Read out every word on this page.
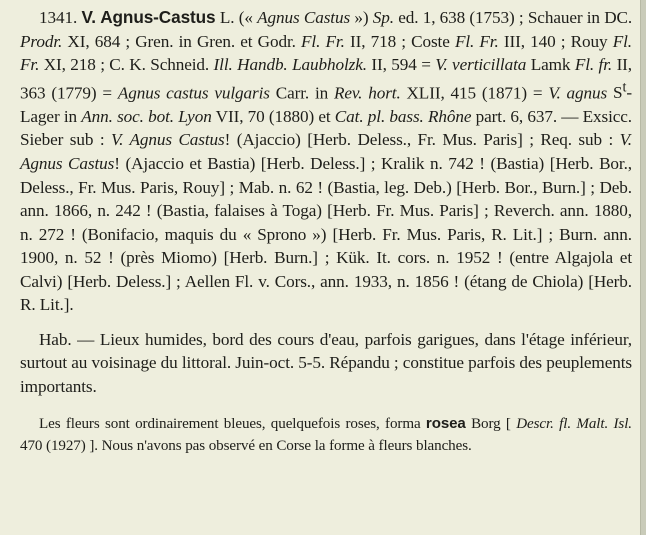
1341. V. Agnus-Castus L. (« Agnus Castus ») Sp. ed. 1, 638 (1753) ; Schauer in DC. Prodr. XI, 684 ; Gren. in Gren. et Godr. Fl. Fr. II, 718 ; Coste Fl. Fr. III, 140 ; Rouy Fl. Fr. XI, 218 ; C. K. Schneid. Ill. Handb. Laubholzk. II, 594 = V. verticillata Lamk Fl. fr. II, 363 (1779) = Agnus castus vulgaris Carr. in Rev. hort. XLII, 415 (1871) = V. agnus $S^t$-Lager in Ann. soc. bot. Lyon VII, 70 (1880) et Cat. pl. bass. Rhône part. 6, 637. — Exsicc. Sieber sub : V. Agnus Castus! (Ajaccio) [Herb. Deless., Fr. Mus. Paris] ; Req. sub : V. Agnus Castus! (Ajaccio et Bastia) [Herb. Deless.] ; Kralik n. 742 ! (Bastia) [Herb. Bor., Deless., Fr. Mus. Paris, Rouy] ; Mab. n. 62 ! (Bastia, leg. Deb.) [Herb. Bor., Burn.] ; Deb. ann. 1866, n. 242 ! (Bastia, falaises à Toga) [Herb. Fr. Mus. Paris] ; Reverch. ann. 1880, n. 272 ! (Bonifacio, maquis du « Sprono ») [Herb. Fr. Mus. Paris, R. Lit.] ; Burn. ann. 1900, n. 52 ! (près Miomo) [Herb. Burn.] ; Kük. It. cors. n. 1952 ! (entre Algajola et Calvi) [Herb. Deless.] ; Aellen Fl. v. Cors., ann. 1933, n. 1856 ! (étang de Chiola) [Herb. R. Lit.].

Hab. — Lieux humides, bord des cours d'eau, parfois garigues, dans l'étage inférieur, surtout au voisinage du littoral. Juin-oct. 5-5. Répandu ; constitue parfois des peuplements importants.

Les fleurs sont ordinairement bleues, quelquefois roses, forma rosea Borg [ Descr. fl. Malt. Isl. 470 (1927) ]. Nous n'avons pas observé en Corse la forme à fleurs blanches.
